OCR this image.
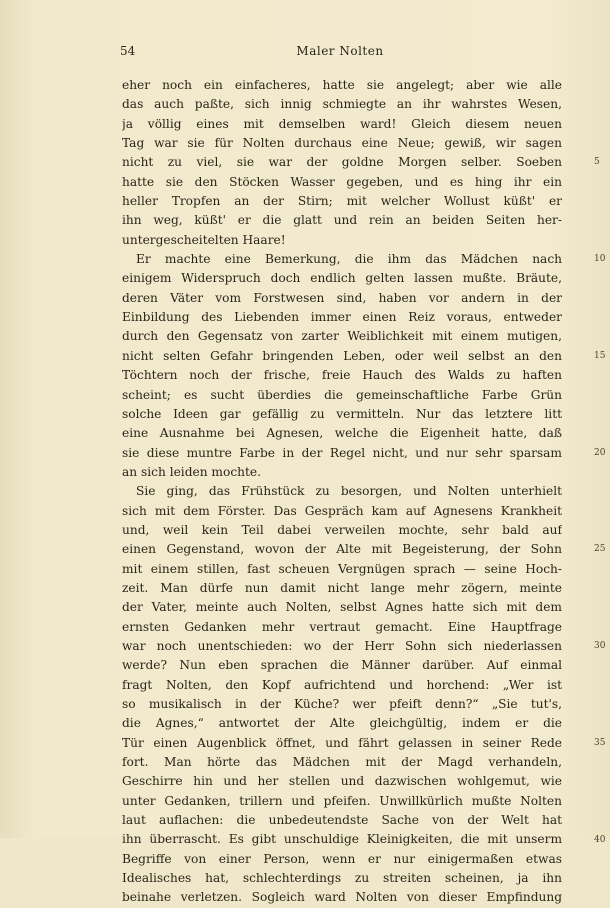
54	Maler Nolten
eher noch ein einfacheres, hatte sie angelegt; aber wie alle
das auch paßte, sich innig schmiegte an ihr wahrstes Wesen,
ja völlig eines mit demselben ward! Gleich diesem neuen
Tag war sie für Nolten durchaus eine Neue; gewiß, wir sagen
nicht zu viel, sie war der goldne Morgen selber. Soeben
hatte sie den Stöcken Wasser gegeben, und es hing ihr ein
heller Tropfen an der Stirn; mit welcher Wollust küßt' er
ihn weg, küßt' er die glatt und rein an beiden Seiten her-
untergescheitelten Haare!
Er machte eine Bemerkung, die ihm das Mädchen nach
einigem Widerspruch doch endlich gelten lassen mußte. Bräute,
deren Väter vom Forstwesen sind, haben vor andern in der
Einbildung des Liebenden immer einen Reiz voraus, entweder
durch den Gegensatz von zarter Weiblichkeit mit einem mutigen,
nicht selten Gefahr bringenden Leben, oder weil selbst an den
Töchtern noch der frische, freie Hauch des Walds zu haften
scheint; es sucht überdies die gemeinschaftliche Farbe Grün
solche Ideen gar gefällig zu vermitteln. Nur das letztere litt
eine Ausnahme bei Agnesen, welche die Eigenheit hatte, daß
sie diese muntre Farbe in der Regel nicht, und nur sehr sparsam
an sich leiden mochte.
Sie ging, das Frühstück zu besorgen, und Nolten unterhielt
sich mit dem Förster. Das Gespräch kam auf Agnesens Krankheit
und, weil kein Teil dabei verweilen mochte, sehr bald auf
einen Gegenstand, wovon der Alte mit Begeisterung, der Sohn
mit einem stillen, fast scheuen Vergnügen sprach — seine Hoch-
zeit. Man dürfe nun damit nicht lange mehr zögern, meinte
der Vater, meinte auch Nolten, selbst Agnes hatte sich mit dem
ernsten Gedanken mehr vertraut gemacht. Eine Hauptfrage
war noch unentschieden: wo der Herr Sohn sich niederlassen
werde? Nun eben sprachen die Männer darüber. Auf einmal
fragt Nolten, den Kopf aufrichtend und horchend: „Wer ist
so musikalisch in der Küche? wer pfeift denn?“ „Sie tut's,
die Agnes,“ antwortet der Alte gleichgültig, indem er die
Tür einen Augenblick öffnet, und fährt gelassen in seiner Rede
fort. Man hörte das Mädchen mit der Magd verhandeln,
Geschirre hin und her stellen und dazwischen wohlgemut, wie
unter Gedanken, trillern und pfeifen. Unwillkürlich mußte Nolten
laut auflachen: die unbedeutendste Sache von der Welt hat
ihn überrascht. Es gibt unschuldige Kleinigkeiten, die mit unserm
Begriffe von einer Person, wenn er nur einigermaßen etwas
Idealisches hat, schlechterdings zu streiten scheinen, ja ihn
beinahe verletzen. Sogleich ward Nolten von dieser Empfindung
5
10
15
20
25
30
35
40
